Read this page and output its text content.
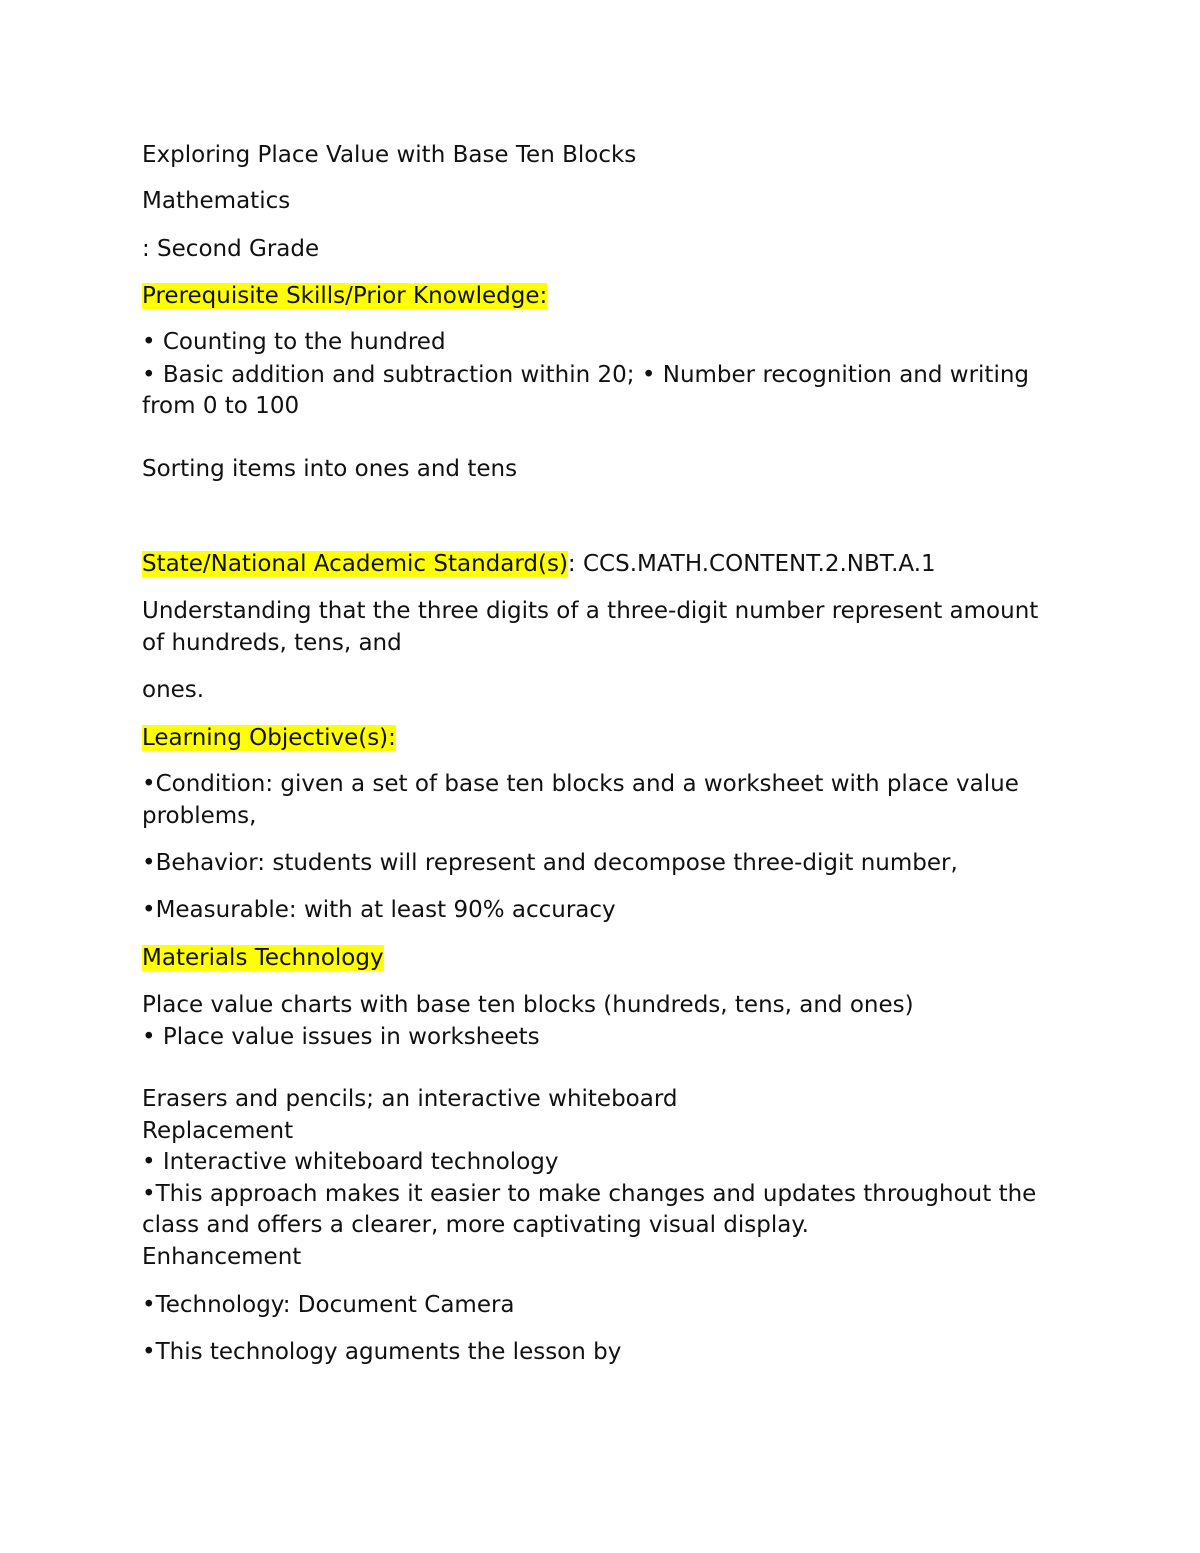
Exploring Place Value with Base Ten Blocks
Mathematics
: Second Grade
Prerequisite Skills/Prior Knowledge:
• Counting to the hundred
• Basic addition and subtraction within 20; • Number recognition and writing
from 0 to 100
Sorting items into ones and tens
State/National Academic Standard(s): CCS.MATH.CONTENT.2.NBT.A.1
Understanding that the three digits of a three-digit number represent amount
of hundreds, tens, and
ones.
Learning Objective(s):
•Condition: given a set of base ten blocks and a worksheet with place value
problems,
•Behavior: students will represent and decompose three-digit number,
•Measurable: with at least 90% accuracy
Materials Technology
Place value charts with base ten blocks (hundreds, tens, and ones)
• Place value issues in worksheets
Erasers and pencils; an interactive whiteboard
Replacement
• Interactive whiteboard technology
•This approach makes it easier to make changes and updates throughout the
class and offers a clearer, more captivating visual display.
Enhancement
•Technology: Document Camera
•This technology aguments the lesson by
